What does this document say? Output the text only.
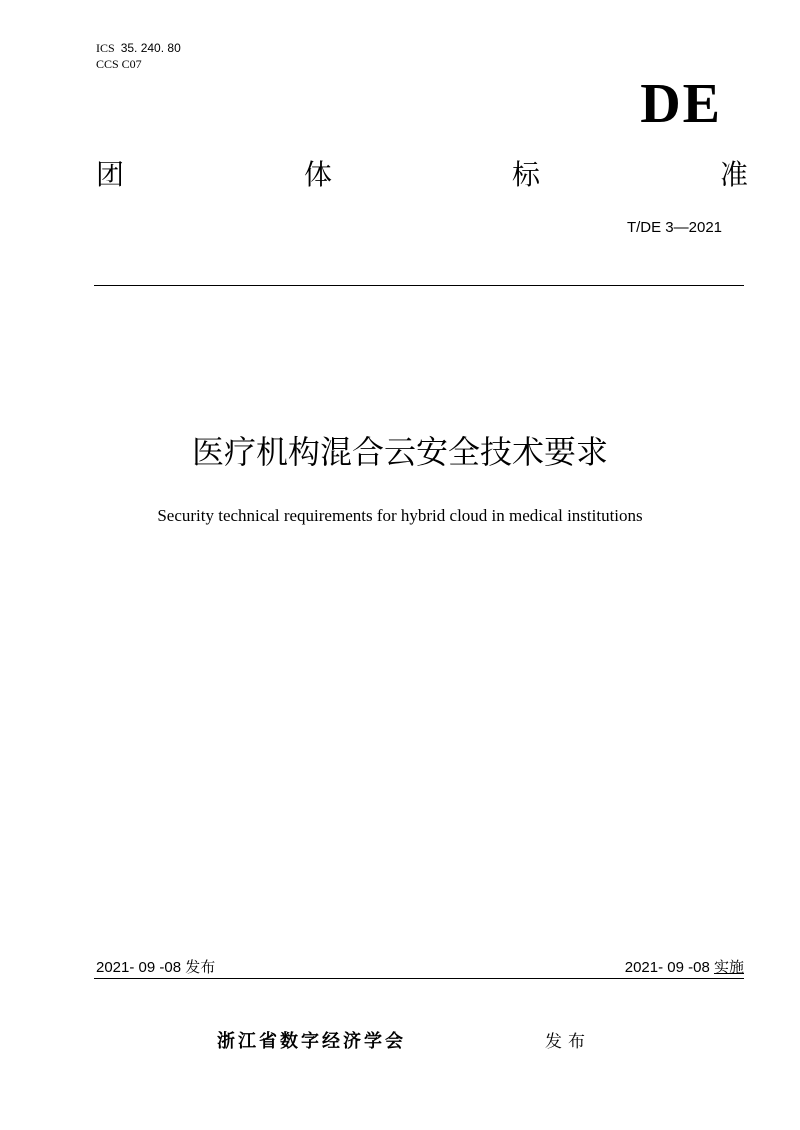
ICS 35. 240. 80
CCS C07
DE
团	体	标	准
T/DE 3—2021
医疗机构混合云安全技术要求
Security technical requirements for hybrid cloud in medical institutions
2021- 09 -08 发布	2021- 09 -08 实施
浙江省数字经济学会	发布
